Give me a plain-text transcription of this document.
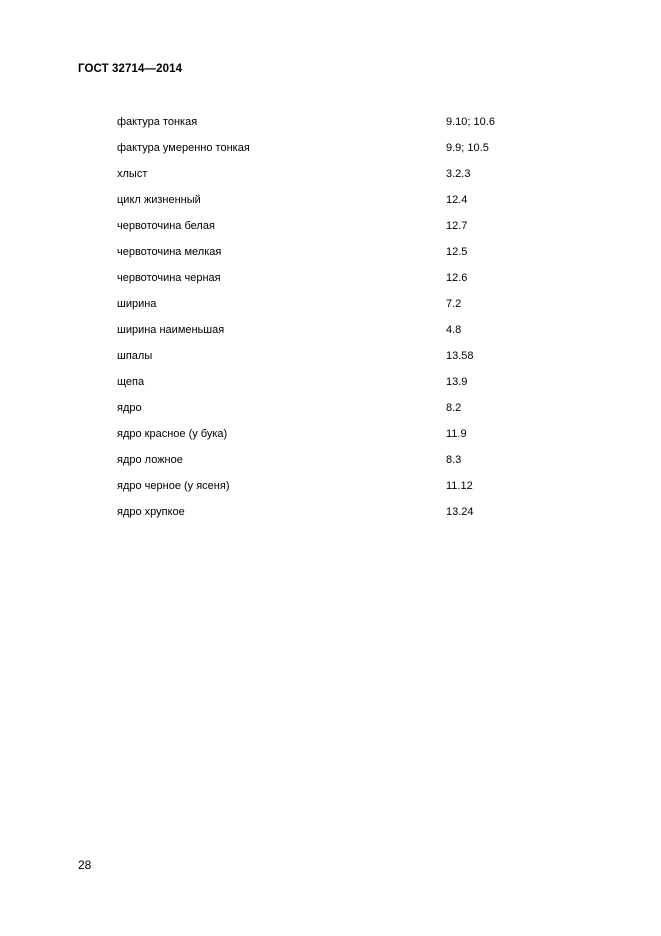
ГОСТ 32714—2014
фактура тонкая	9.10; 10.6
фактура умеренно тонкая	9.9; 10.5
хлыст	3.2.3
цикл жизненный	12.4
червоточина белая	12.7
червоточина мелкая	12.5
червоточина черная	12.6
ширина	7.2
ширина наименьшая	4.8
шпалы	13.58
щепа	13.9
ядро	8.2
ядро красное (у бука)	11.9
ядро ложное	8.3
ядро черное (у ясеня)	11.12
ядро хрупкое	13.24
28
